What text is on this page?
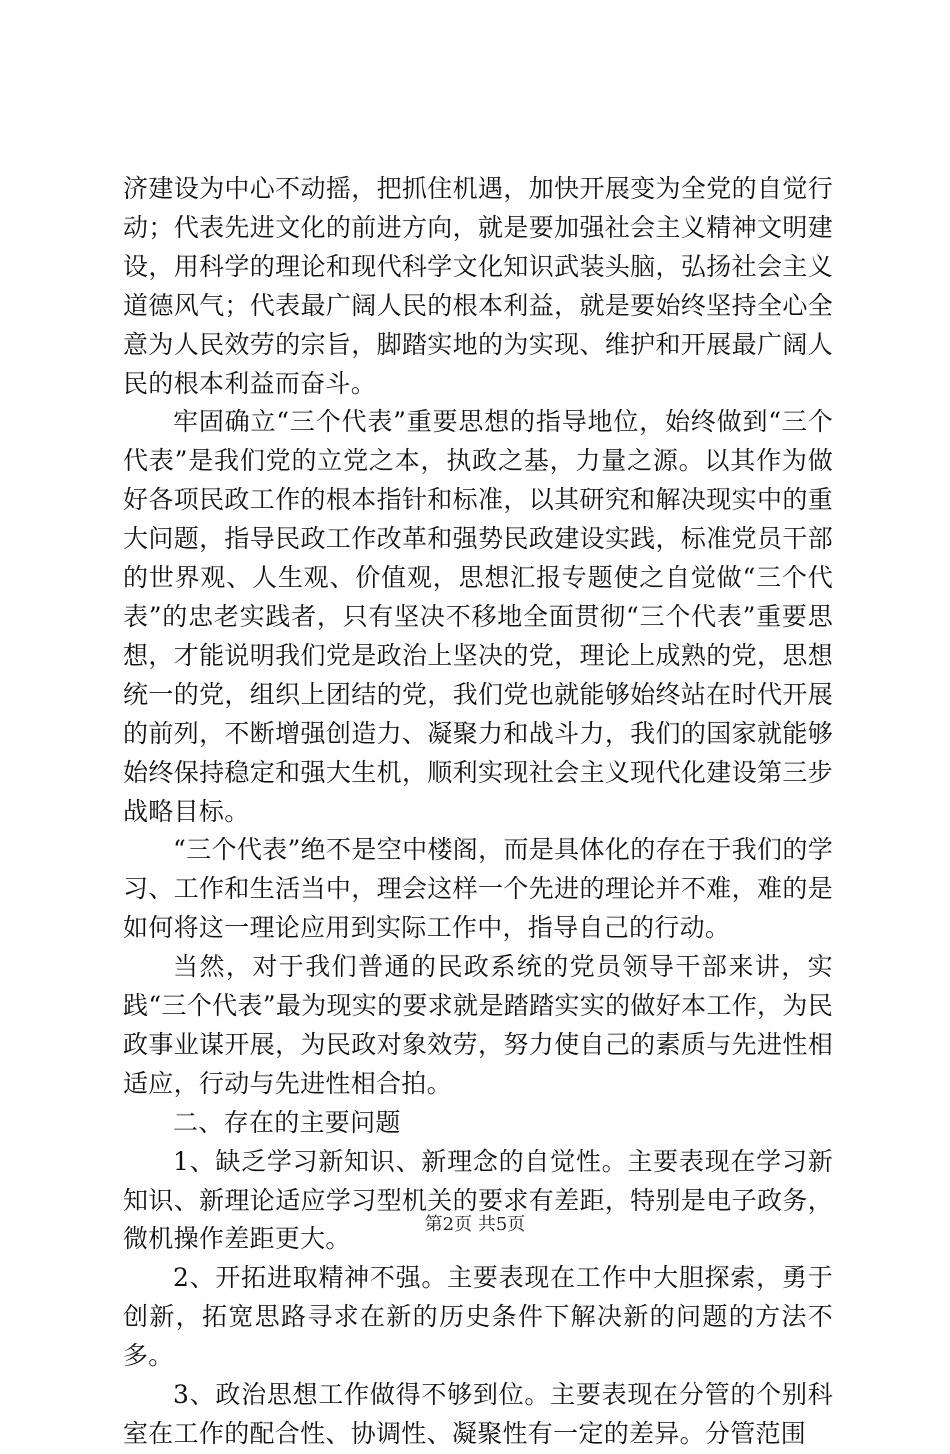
济建设为中心不动摇，把抓住机遇，加快开展变为全党的自觉行动；代表先进文化的前进方向，就是要加强社会主义精神文明建设，用科学的理论和现代科学文化知识武装头脑，弘扬社会主义道德风气；代表最广阔人民的根本利益，就是要始终坚持全心全意为人民效劳的宗旨，脚踏实地的为实现、维护和开展最广阔人民的根本利益而奋斗。

牢固确立“三个代表”重要思想的指导地位，始终做到“三个代表”是我们党的立党之本，执政之基，力量之源。以其作为做好各项民政工作的根本指针和标准，以其研究和解决现实中的重大问题，指导民政工作改革和强势民政建设实践，标准党员干部的世界观、人生观、价值观，思想汇报专题使之自觉做“三个代表”的忠老实践者，只有坚决不移地全面贯彻“三个代表”重要思想，才能说明我们党是政治上坚决的党，理论上成熟的党，思想统一的党，组织上团结的党，我们党也就能够始终站在时代开展的前列，不断增强创造力、凝聚力和战斗力，我们的国家就能够始终保持稳定和强大生机，顺利实现社会主义现代化建设第三步战略目标。

“三个代表”绝不是空中楼阁，而是具体化的存在于我们的学习、工作和生活当中，理会这样一个先进的理论并不难，难的是如何将这一理论应用到实际工作中，指导自己的行动。

当然，对于我们普通的民政系统的党员领导干部来讲，实践“三个代表”最为现实的要求就是踏踏实实的做好本工作，为民政事业谋开展，为民政对象效劳，努力使自己的素质与先进性相适应，行动与先进性相合拍。

二、存在的主要问题

1、缺乏学习新知识、新理念的自觉性。主要表现在学习新知识、新理论适应学习型机关的要求有差距，特别是电子政务，微机操作差距更大。

2、开拓进取精神不强。主要表现在工作中大胆探索，勇于创新，拓宽思路寻求在新的历史条件下解决新的问题的方法不多。

3、政治思想工作做得不够到位。主要表现在分管的个别科室在工作的配合性、协调性、凝聚性有一定的差异。分管范围

第2页 共5页
